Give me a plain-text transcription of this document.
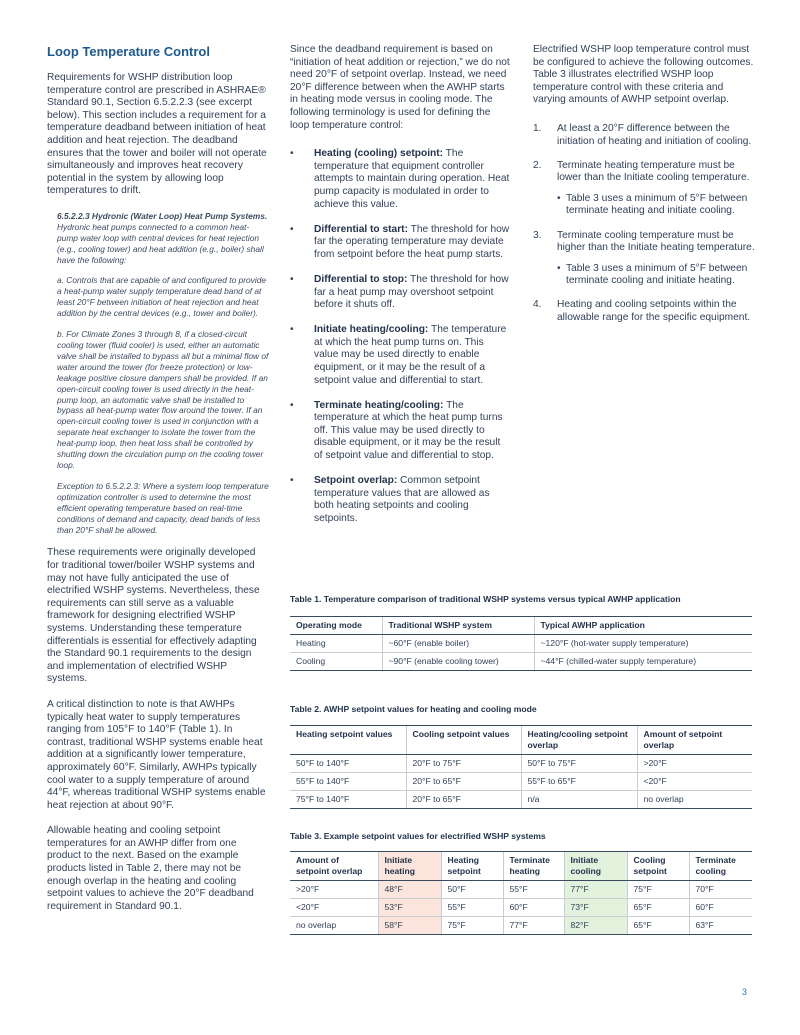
Loop Temperature Control

Requirements for WSHP distribution loop temperature control are prescribed in ASHRAE® Standard 90.1, Section 6.5.2.2.3 (see excerpt below). This section includes a requirement for a temperature deadband between initiation of heat addition and heat rejection. The deadband ensures that the tower and boiler will not operate simultaneously and improves heat recovery potential in the system by allowing loop temperatures to drift.

6.5.2.2.3 Hydronic (Water Loop) Heat Pump Systems. Hydronic heat pumps connected to a common heat-pump water loop with central devices for heat rejection (e.g., cooling tower) and heat addition (e.g., boiler) shall have the following:

a. Controls that are capable of and configured to provide a heat-pump water supply temperature dead band of at least 20°F between initiation of heat rejection and heat addition by the central devices (e.g., tower and boiler).

b. For Climate Zones 3 through 8, if a closed-circuit cooling tower (fluid cooler) is used, either an automatic valve shall be installed to bypass all but a minimal flow of water around the tower (for freeze protection) or low-leakage positive closure dampers shall be provided. If an open-circuit cooling tower is used directly in the heat-pump loop, an automatic valve shall be installed to bypass all heat-pump water flow around the tower. If an open-circuit cooling tower is used in conjunction with a separate heat exchanger to isolate the tower from the heat-pump loop, then heat loss shall be controlled by shutting down the circulation pump on the cooling tower loop.

Exception to 6.5.2.2.3: Where a system loop temperature optimization controller is used to determine the most efficient operating temperature based on real-time conditions of demand and capacity, dead bands of less than 20°F shall be allowed.

These requirements were originally developed for traditional tower/boiler WSHP systems and may not have fully anticipated the use of electrified WSHP systems. Nevertheless, these requirements can still serve as a valuable framework for designing electrified WSHP systems. Understanding these temperature differentials is essential for effectively adapting the Standard 90.1 requirements to the design and implementation of electrified WSHP systems.

A critical distinction to note is that AWHPs typically heat water to supply temperatures ranging from 105°F to 140°F (Table 1). In contrast, traditional WSHP systems enable heat addition at a significantly lower temperature, approximately 60°F. Similarly, AWHPs typically cool water to a supply temperature of around 44°F, whereas traditional WSHP systems enable heat rejection at about 90°F.

Allowable heating and cooling setpoint temperatures for an AWHP differ from one product to the next. Based on the example products listed in Table 2, there may not be enough overlap in the heating and cooling setpoint values to achieve the 20°F deadband requirement in Standard 90.1.

Since the deadband requirement is based on “initiation of heat addition or rejection,” we do not need 20°F of setpoint overlap. Instead, we need 20°F difference between when the AWHP starts in heating mode versus in cooling mode. The following terminology is used for defining the loop temperature control:

• Heating (cooling) setpoint: The temperature that equipment controller attempts to maintain during operation. Heat pump capacity is modulated in order to achieve this value.
• Differential to start: The threshold for how far the operating temperature may deviate from setpoint before the heat pump starts.
• Differential to stop: The threshold for how far a heat pump may overshoot setpoint before it shuts off.
• Initiate heating/cooling: The temperature at which the heat pump turns on. This value may be used directly to enable equipment, or it may be the result of a setpoint value and differential to start.
• Terminate heating/cooling: The temperature at which the heat pump turns off. This value may be used directly to disable equipment, or it may be the result of setpoint value and differential to stop.
• Setpoint overlap: Common setpoint temperature values that are allowed as both heating setpoints and cooling setpoints.

Electrified WSHP loop temperature control must be configured to achieve the following outcomes. Table 3 illustrates electrified WSHP loop temperature control with these criteria and varying amounts of AWHP setpoint overlap.

1. At least a 20°F difference between the initiation of heating and initiation of cooling.
2. Terminate heating temperature must be lower than the Initiate cooling temperature.
• Table 3 uses a minimum of 5°F between terminate heating and initiate cooling.
3. Terminate cooling temperature must be higher than the Initiate heating temperature.
• Table 3 uses a minimum of 5°F between terminate cooling and initiate heating.
4. Heating and cooling setpoints within the allowable range for the specific equipment.
Table 1. Temperature comparison of traditional WSHP systems versus typical AWHP application
Operating mode	Traditional WSHP system	Typical AWHP application
Heating	~60°F (enable boiler)	~120°F (hot-water supply temperature)
Cooling	~90°F (enable cooling tower)	~44°F (chilled-water supply temperature)
Table 2. AWHP setpoint values for heating and cooling mode
Heating setpoint values	Cooling setpoint values	Heating/cooling setpoint overlap	Amount of setpoint overlap
50°F to 140°F	20°F to 75°F	50°F to 75°F	>20°F
55°F to 140°F	20°F to 65°F	55°F to 65°F	<20°F
75°F to 140°F	20°F to 65°F	n/a	no overlap
Table 3. Example setpoint values for electrified WSHP systems
Amount of setpoint overlap	Initiate heating	Heating setpoint	Terminate heating	Initiate cooling	Cooling setpoint	Terminate cooling
>20°F	48°F	50°F	55°F	77°F	75°F	70°F
<20°F	53°F	55°F	60°F	73°F	65°F	60°F
no overlap	58°F	75°F	77°F	82°F	65°F	63°F
3
